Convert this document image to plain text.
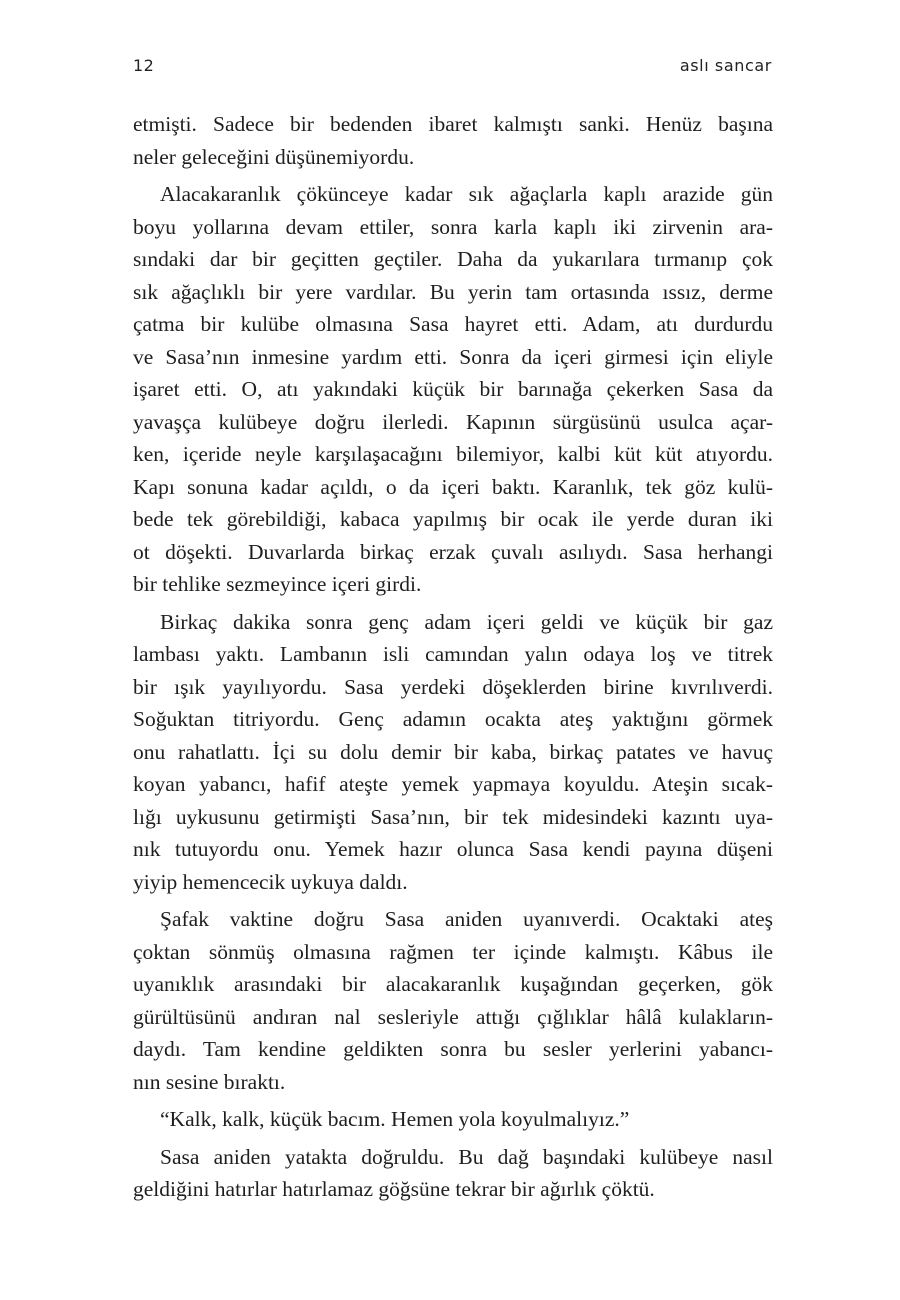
12	aslı sancar
etmişti. Sadece bir bedenden ibaret kalmıştı sanki. Henüz başına
neler geleceğini düşünemiyordu.
Alacakaranlık çökünceye kadar sık ağaçlarla kaplı arazide gün
boyu yollarına devam ettiler, sonra karla kaplı iki zirvenin ara-
sındaki dar bir geçitten geçtiler. Daha da yukarılara tırmanıp çok
sık ağaçlıklı bir yere vardılar. Bu yerin tam ortasında ıssız, derme
çatma bir kulübe olmasına Sasa hayret etti. Adam, atı durdurdu
ve Sasa’nın inmesine yardım etti. Sonra da içeri girmesi için eliyle
işaret etti. O, atı yakındaki küçük bir barınağa çekerken Sasa da
yavaşça kulübeye doğru ilerledi. Kapının sürgüsünü usulca açar-
ken, içeride neyle karşılaşacağını bilemiyor, kalbi küt küt atıyordu.
Kapı sonuna kadar açıldı, o da içeri baktı. Karanlık, tek göz kulü-
bede tek görebildiği, kabaca yapılmış bir ocak ile yerde duran iki
ot döşekti. Duvarlarda birkaç erzak çuvalı asılıydı. Sasa herhangi
bir tehlike sezmeyince içeri girdi.
Birkaç dakika sonra genç adam içeri geldi ve küçük bir gaz
lambası yaktı. Lambanın isli camından yalın odaya loş ve titrek
bir ışık yayılıyordu. Sasa yerdeki döşeklerden birine kıvrılıverdi.
Soğuktan titriyordu. Genç adamın ocakta ateş yaktığını görmek
onu rahatlattı. İçi su dolu demir bir kaba, birkaç patates ve havuç
koyan yabancı, hafif ateşte yemek yapmaya koyuldu. Ateşin sıcak-
lığı uykusunu getirmişti Sasa’nın, bir tek midesindeki kazıntı uya-
nık tutuyordu onu. Yemek hazır olunca Sasa kendi payına düşeni
yiyip hemencecik uykuya daldı.
Şafak vaktine doğru Sasa aniden uyanıverdi. Ocaktaki ateş
çoktan sönmüş olmasına rağmen ter içinde kalmıştı. Kâbus ile
uyanıklık arasındaki bir alacakaranlık kuşağından geçerken, gök
gürültüsünü andıran nal sesleriyle attığı çığlıklar hâlâ kulakların-
daydı. Tam kendine geldikten sonra bu sesler yerlerini yabancı-
nın sesine bıraktı.
“Kalk, kalk, küçük bacım. Hemen yola koyulmalıyız.”
Sasa aniden yatakta doğruldu. Bu dağ başındaki kulübeye nasıl
geldiğini hatırlar hatırlamaz göğsüne tekrar bir ağırlık çöktü.
